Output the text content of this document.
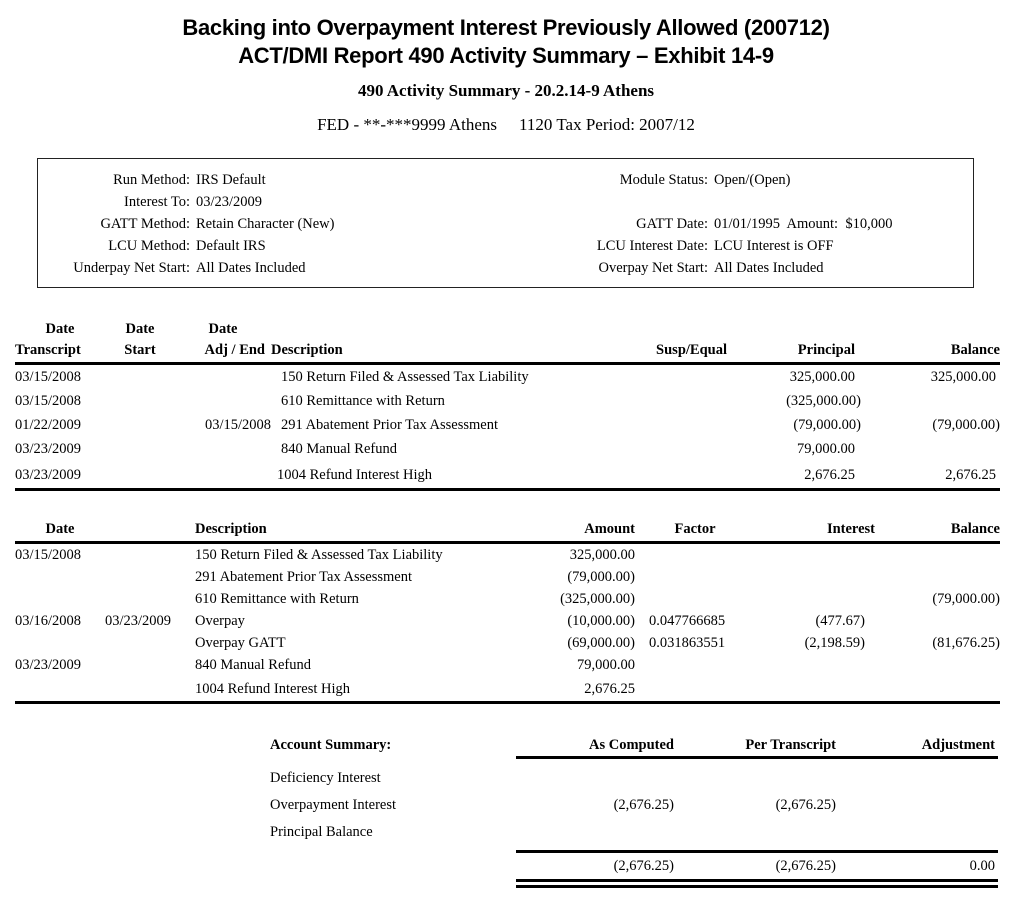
Backing into Overpayment Interest Previously Allowed (200712)
ACT/DMI Report 490 Activity Summary – Exhibit 14-9
490 Activity Summary - 20.2.14-9 Athens
FED - **-***9999 Athens 1120 Tax Period: 2007/12
Run Method: IRS Default
Interest To: 03/23/2009
GATT Method: Retain Character (New)
LCU Method: Default IRS
Underpay Net Start: All Dates Included
Module Status: Open/(Open)
GATT Date: 01/01/1995  Amount:  $10,000
LCU Interest Date: LCU Interest is OFF
Overpay Net Start: All Dates Included
Date	Date	Date				
Transcript	Start	Adj / End	Description	Susp/Equal	Principal	Balance
03/15/2008			150 Return Filed & Assessed Tax Liability		325,000.00	325,000.00
03/15/2008			610 Remittance with Return		(325,000.00)	
01/22/2009		03/15/2008	291 Abatement Prior Tax Assessment		(79,000.00)	(79,000.00)
03/23/2009			840 Manual Refund		79,000.00	
03/23/2009			1004 Refund Interest High		2,676.25	2,676.25
Date		Description	Amount	Factor	Interest	Balance
03/15/2008		150 Return Filed & Assessed Tax Liability	325,000.00			
		291 Abatement Prior Tax Assessment	(79,000.00)			
		610 Remittance with Return	(325,000.00)			(79,000.00)
03/16/2008	03/23/2009	Overpay	(10,000.00)	0.047766685	(477.67)	
		Overpay GATT	(69,000.00)	0.031863551	(2,198.59)	(81,676.25)
03/23/2009		840 Manual Refund	79,000.00			
		1004 Refund Interest High	2,676.25			
Account Summary:	As Computed	Per Transcript	Adjustment
Deficiency Interest
Overpayment Interest	(2,676.25)	(2,676.25)
Principal Balance
(2,676.25)	(2,676.25)	0.00
